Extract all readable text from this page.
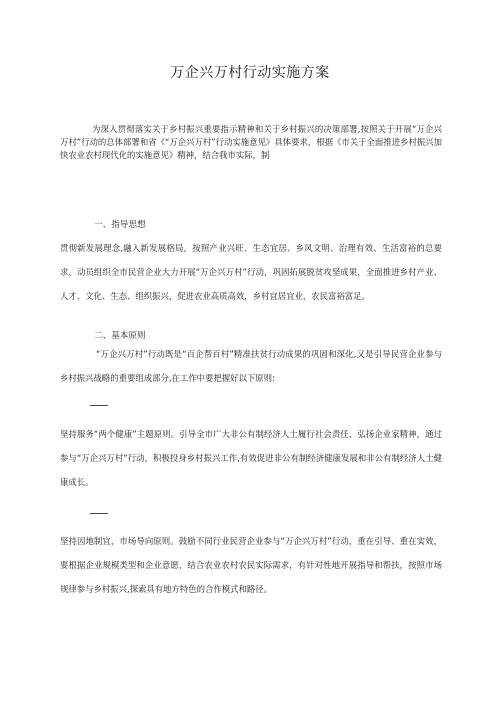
万企兴万村行动实施方案

为深入贯彻落实关于乡村振兴重要指示精神和关于乡村振兴的决策部署,按照关于开展“万企兴万村”行动的总体部署和省《“万企兴万村”行动实施意见》具体要求，根据《市关于全面推进乡村振兴加快农业农村现代化的实施意见》精神，结合我市实际，制

一、指导思想

贯彻新发展理念,融入新发展格局，按照产业兴旺、生态宜居、乡风文明、治理有效、生活富裕的总要求，动员组织全市民营企业大力开展“万企兴万村”行动，巩固拓展脱贫攻坚成果，全面推进乡村产业、人才、文化、生态、组织振兴，促进农业高质高效，乡村宜居宜业，农民富裕富足。

二、基本原则

“万企兴万村”行动既是“百企帮百村”精准扶贫行动成果的巩固和深化,又是引导民营企业参与乡村振兴战略的重要组成部分,在工作中要把握好以下原则:

坚持服务“两个健康”主题原则。引导全市广大非公有制经济人士履行社会责任，弘扬企业家精神，通过参与“万企兴万村”行动，积极投身乡村振兴工作,有效促进非公有制经济健康发展和非公有制经济人士健康成长。

坚持因地制宜，市场导向原则。鼓励不同行业民营企业参与“万企兴万村”行动，重在引导、重在实效，要根据企业规模类型和企业意愿，结合农业农村农民实际需求，有针对性地开展指导和帮扶，按照市场规律参与乡村振兴,探索具有地方特色的合作模式和路径。
